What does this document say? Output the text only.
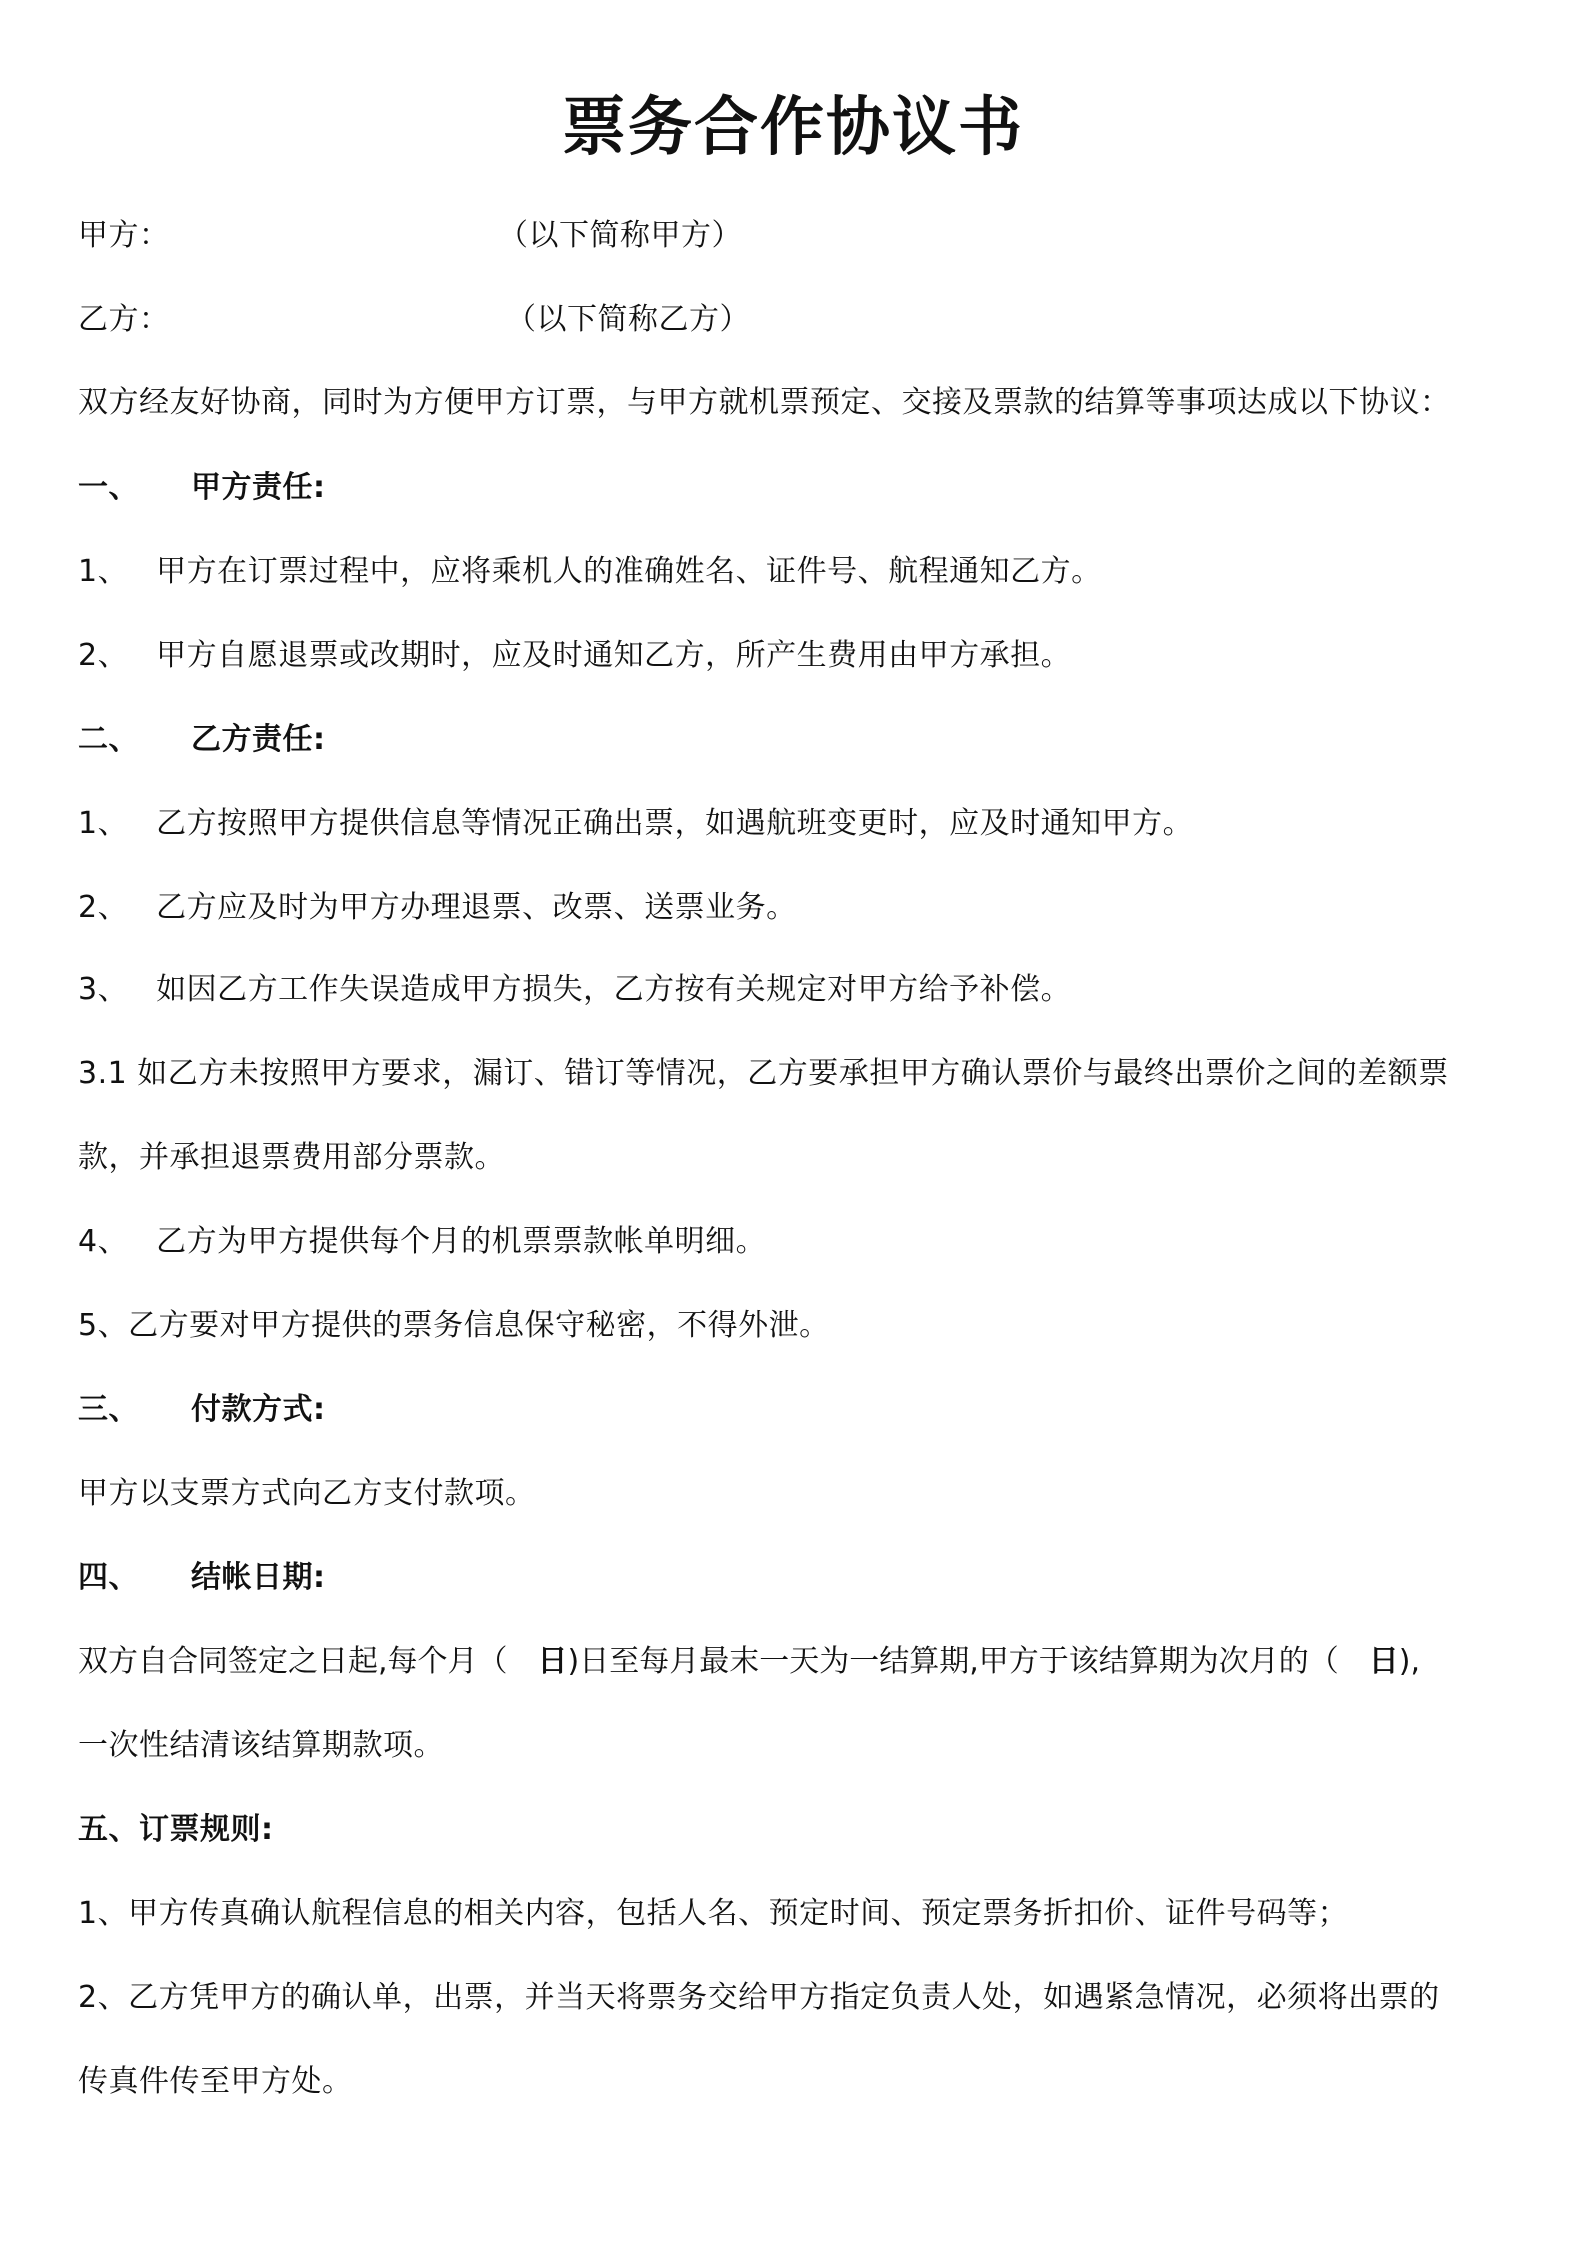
票务合作协议书
甲方：	（以下简称甲方）
乙方：	（以下简称乙方）
双方经友好协商，同时为方便甲方订票，与甲方就机票预定、交接及票款的结算等事项达成以下协议：
一、 甲方责任:
1、 甲方在订票过程中，应将乘机人的准确姓名、证件号、航程通知乙方。
2、 甲方自愿退票或改期时，应及时通知乙方，所产生费用由甲方承担。
二、 乙方责任:
1、 乙方按照甲方提供信息等情况正确出票，如遇航班变更时，应及时通知甲方。
2、 乙方应及时为甲方办理退票、改票、送票业务。
3、 如因乙方工作失误造成甲方损失，乙方按有关规定对甲方给予补偿。
3.1 如乙方未按照甲方要求，漏订、错订等情况，乙方要承担甲方确认票价与最终出票价之间的差额票
款，并承担退票费用部分票款。
4、 乙方为甲方提供每个月的机票票款帐单明细。
5、乙方要对甲方提供的票务信息保守秘密，不得外泄。
三、 付款方式:
甲方以支票方式向乙方支付款项。
四、 结帐日期:
双方自合同签定之日起,每个月（ 日)日至每月最末一天为一结算期,甲方于该结算期为次月的（ 日),
一次性结清该结算期款项。
五、订票规则:
1、甲方传真确认航程信息的相关内容，包括人名、预定时间、预定票务折扣价、证件号码等；
2、乙方凭甲方的确认单，出票，并当天将票务交给甲方指定负责人处，如遇紧急情况，必须将出票的
传真件传至甲方处。
